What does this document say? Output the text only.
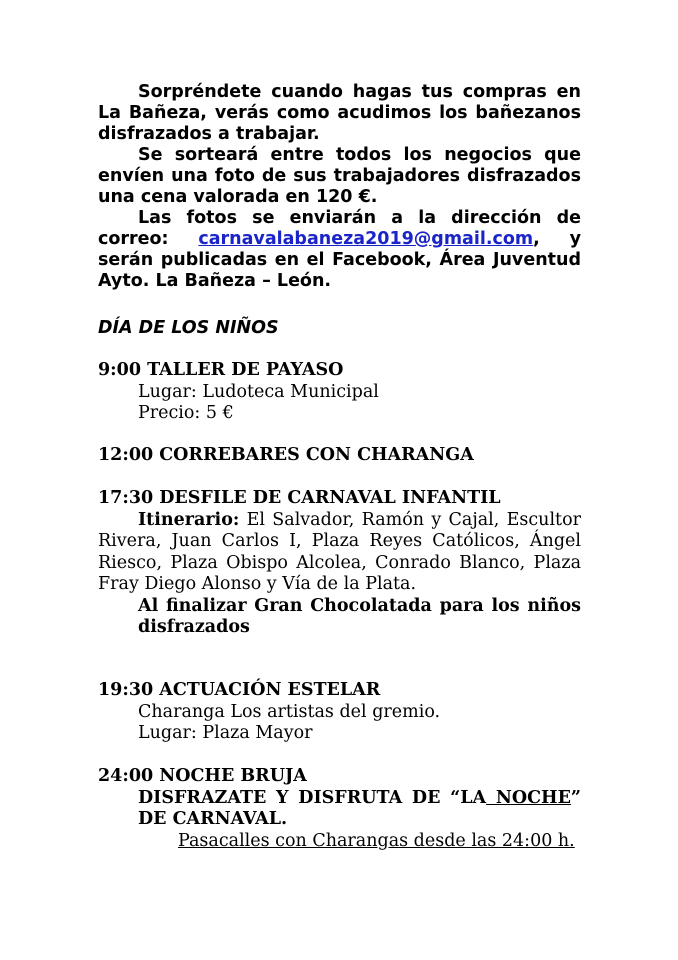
Sorpréndete cuando hagas tus compras en La Bañeza, verás como acudimos los bañezanos disfrazados a trabajar.

Se sorteará entre todos los negocios que envíen una foto de sus trabajadores disfrazados una cena valorada en 120 €.

Las fotos se enviarán a la dirección de correo: carnavalabaneza2019@gmail.com, y serán publicadas en el Facebook, Área Juventud Ayto. La Bañeza – León.

DÍA DE LOS NIÑOS

9:00 TALLER DE PAYASO

Lugar: Ludoteca Municipal

Precio: 5 €

12:00 CORREBARES CON CHARANGA

17:30 DESFILE DE CARNAVAL INFANTIL

Itinerario: El Salvador, Ramón y Cajal, Escultor Rivera, Juan Carlos I, Plaza Reyes Católicos, Ángel Riesco, Plaza Obispo Alcolea, Conrado Blanco, Plaza Fray Diego Alonso y Vía de la Plata.

Al finalizar Gran Chocolatada para los niños disfrazados

19:30 ACTUACIÓN ESTELAR

Charanga Los artistas del gremio.

Lugar: Plaza Mayor

24:00 NOCHE BRUJA

DISFRAZATE Y DISFRUTA DE “LA NOCHE” DE CARNAVAL.

Pasacalles con Charangas desde las 24:00 h.
